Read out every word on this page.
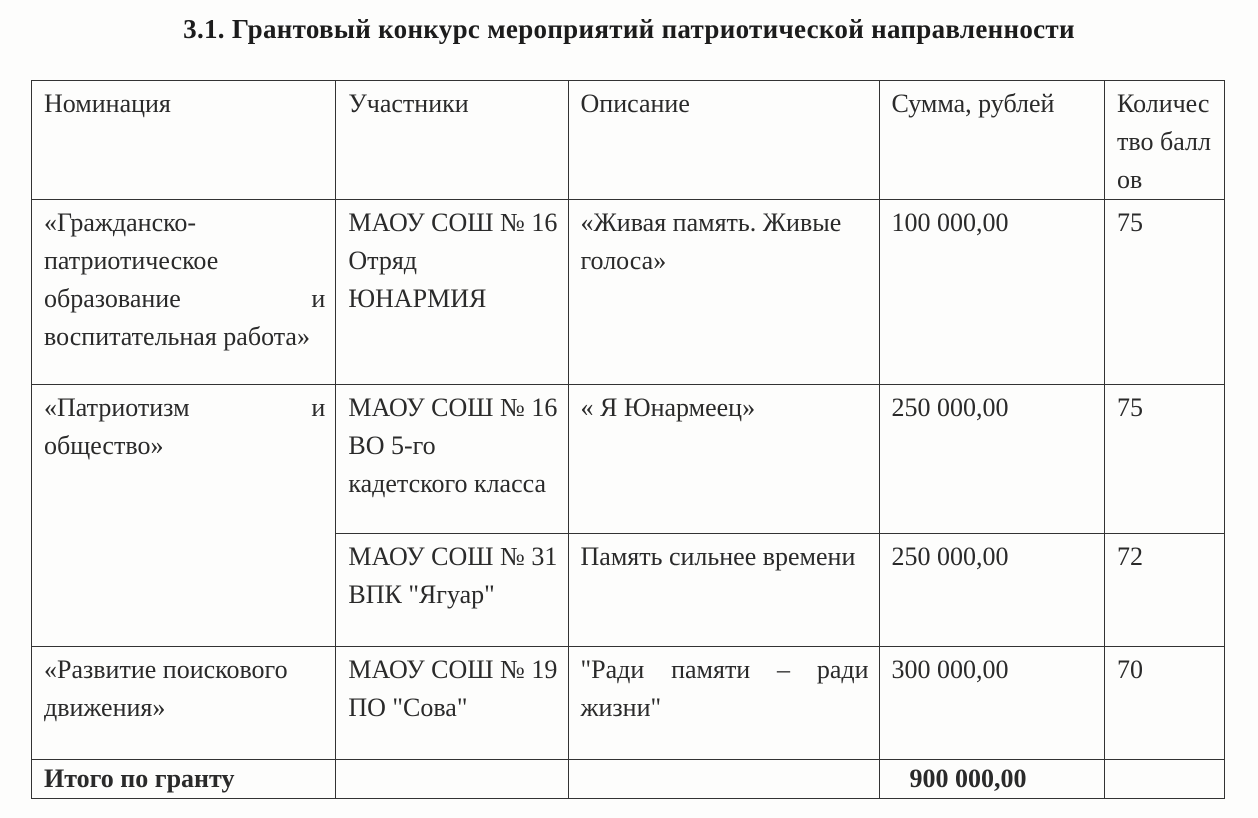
3.1. Грантовый конкурс мероприятий патриотической направленности
Номинация	Участники	Описание	Сумма, рублей	Количество баллов
«Гражданско-патриотическое образование и воспитательная работа»	МАОУ СОШ № 16 Отряд ЮНАРМИЯ	«Живая память. Живые голоса»	100 000,00	75
«Патриотизм и общество»	МАОУ СОШ № 16 ВО 5-го кадетского класса	« Я Юнармеец»	250 000,00	75
	МАОУ СОШ № 31 ВПК "Ягуар"	Память сильнее времени	250 000,00	72
«Развитие поискового движения»	МАОУ СОШ № 19 ПО "Сова"	"Ради памяти – ради жизни"	300 000,00	70
Итого по гранту			900 000,00	
